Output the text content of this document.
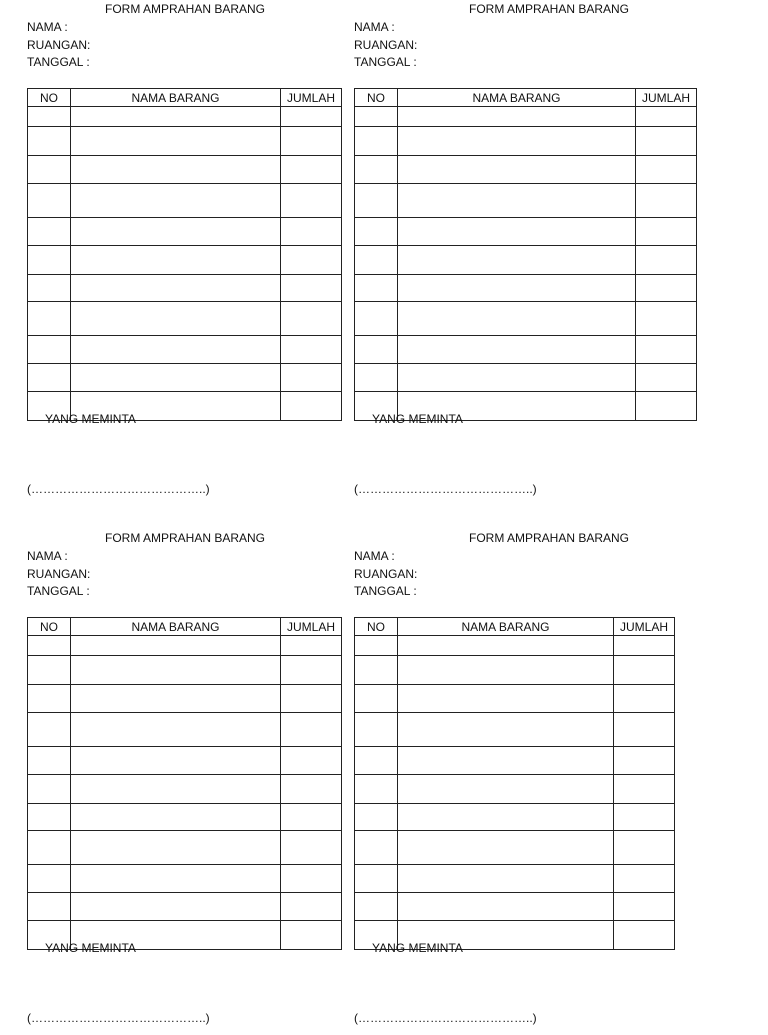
FORM AMPRAHAN BARANG
NAMA :
RUANGAN:
TANGGAL :
NO	NAMA BARANG	JUMLAH

YANG MEMINTA
(……………………………………..)
FORM AMPRAHAN BARANG
NAMA :
RUANGAN:
TANGGAL :
NO	NAMA BARANG	JUMLAH

YANG MEMINTA
(……………………………………..)
FORM AMPRAHAN BARANG
NAMA :
RUANGAN:
TANGGAL :
NO	NAMA BARANG	JUMLAH

YANG MEMINTA
(……………………………………..)
FORM AMPRAHAN BARANG
NAMA :
RUANGAN:
TANGGAL :
NO	NAMA BARANG	JUMLAH

YANG MEMINTA
(……………………………………..)
